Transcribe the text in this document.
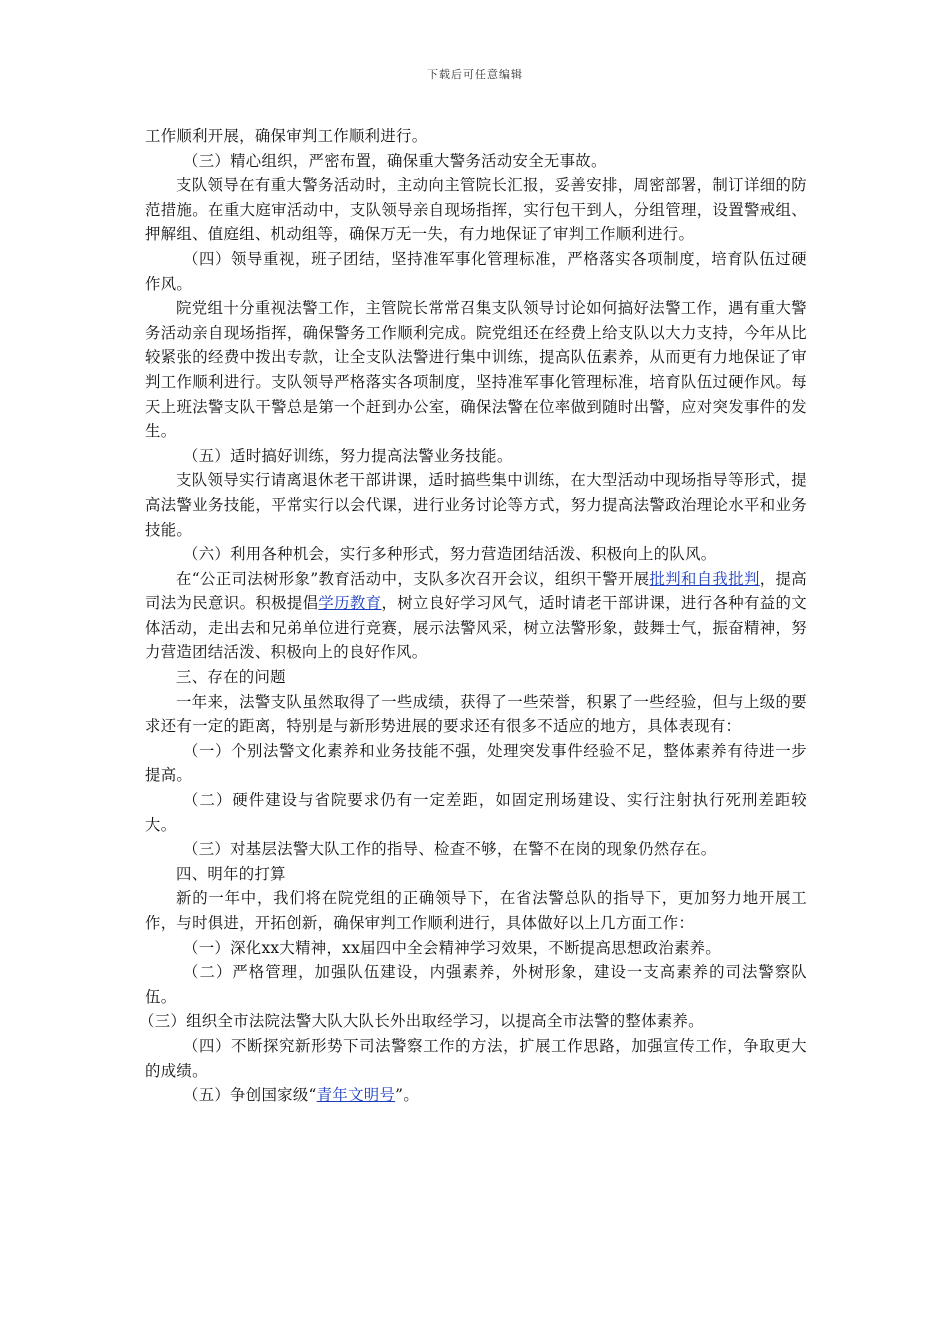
下载后可任意编辑

工作顺利开展，确保审判工作顺利进行。

（三）精心组织，严密布置，确保重大警务活动安全无事故。

支队领导在有重大警务活动时，主动向主管院长汇报，妥善安排，周密部署，制订详细的防范措施。在重大庭审活动中，支队领导亲自现场指挥，实行包干到人，分组管理，设置警戒组、押解组、值庭组、机动组等，确保万无一失，有力地保证了审判工作顺利进行。

（四）领导重视，班子团结，坚持准军事化管理标准，严格落实各项制度，培育队伍过硬作风。

院党组十分重视法警工作，主管院长常常召集支队领导讨论如何搞好法警工作，遇有重大警务活动亲自现场指挥，确保警务工作顺利完成。院党组还在经费上给支队以大力支持，今年从比较紧张的经费中拨出专款，让全支队法警进行集中训练，提高队伍素养，从而更有力地保证了审判工作顺利进行。支队领导严格落实各项制度，坚持准军事化管理标准，培育队伍过硬作风。每天上班法警支队干警总是第一个赶到办公室，确保法警在位率做到随时出警，应对突发事件的发生。

（五）适时搞好训练，努力提高法警业务技能。

支队领导实行请离退休老干部讲课，适时搞些集中训练，在大型活动中现场指导等形式，提高法警业务技能，平常实行以会代课，进行业务讨论等方式，努力提高法警政治理论水平和业务技能。

（六）利用各种机会，实行多种形式，努力营造团结活泼、积极向上的队风。

在“公正司法树形象”教育活动中，支队多次召开会议，组织干警开展批判和自我批判，提高司法为民意识。积极提倡学历教育，树立良好学习风气，适时请老干部讲课，进行各种有益的文体活动，走出去和兄弟单位进行竞赛，展示法警风采，树立法警形象，鼓舞士气，振奋精神，努力营造团结活泼、积极向上的良好作风。

三、存在的问题

一年来，法警支队虽然取得了一些成绩，获得了一些荣誉，积累了一些经验，但与上级的要求还有一定的距离，特别是与新形势进展的要求还有很多不适应的地方，具体表现有：

（一）个别法警文化素养和业务技能不强，处理突发事件经验不足，整体素养有待进一步提高。

（二）硬件建设与省院要求仍有一定差距，如固定刑场建设、实行注射执行死刑差距较大。

（三）对基层法警大队工作的指导、检查不够，在警不在岗的现象仍然存在。

四、明年的打算

新的一年中，我们将在院党组的正确领导下，在省法警总队的指导下，更加努力地开展工作，与时俱进，开拓创新，确保审判工作顺利进行，具体做好以上几方面工作：

（一）深化xx大精神，xx届四中全会精神学习效果，不断提高思想政治素养。

（二）严格管理，加强队伍建设，内强素养，外树形象，建设一支高素养的司法警察队伍。

（三）组织全市法院法警大队大队长外出取经学习，以提高全市法警的整体素养。

（四）不断探究新形势下司法警察工作的方法，扩展工作思路，加强宣传工作，争取更大的成绩。

（五）争创国家级“青年文明号”。
